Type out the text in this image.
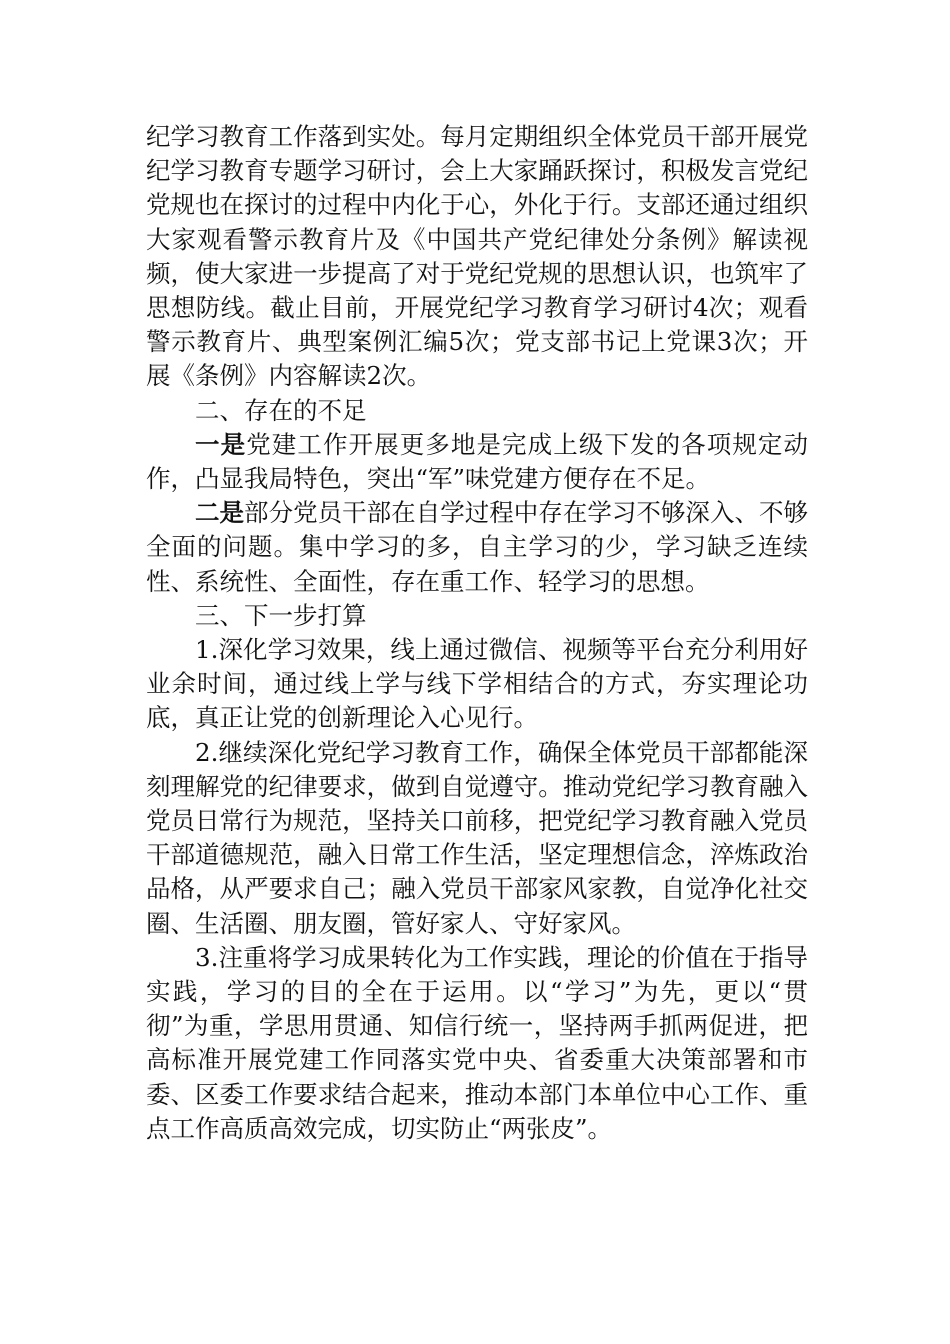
纪学习教育工作落到实处。每月定期组织全体党员干部开展党纪学习教育专题学习研讨，会上大家踊跃探讨，积极发言党纪党规也在探讨的过程中内化于心，外化于行。支部还通过组织大家观看警示教育片及《中国共产党纪律处分条例》解读视频，使大家进一步提高了对于党纪党规的思想认识，也筑牢了思想防线。截止目前，开展党纪学习教育学习研讨4次；观看警示教育片、典型案例汇编5次；党支部书记上党课3次；开展《条例》内容解读2次。

二、存在的不足

一是党建工作开展更多地是完成上级下发的各项规定动作，凸显我局特色，突出“军”味党建方便存在不足。

二是部分党员干部在自学过程中存在学习不够深入、不够全面的问题。集中学习的多，自主学习的少，学习缺乏连续性、系统性、全面性，存在重工作、轻学习的思想。

三、下一步打算

1.深化学习效果，线上通过微信、视频等平台充分利用好业余时间，通过线上学与线下学相结合的方式，夯实理论功底，真正让党的创新理论入心见行。

2.继续深化党纪学习教育工作，确保全体党员干部都能深刻理解党的纪律要求，做到自觉遵守。推动党纪学习教育融入党员日常行为规范，坚持关口前移，把党纪学习教育融入党员干部道德规范，融入日常工作生活，坚定理想信念，淬炼政治品格，从严要求自己；融入党员干部家风家教，自觉净化社交圈、生活圈、朋友圈，管好家人、守好家风。

3.注重将学习成果转化为工作实践，理论的价值在于指导实践，学习的目的全在于运用。以“学习”为先，更以“贯彻”为重，学思用贯通、知信行统一，坚持两手抓两促进，把高标准开展党建工作同落实党中央、省委重大决策部署和市委、区委工作要求结合起来，推动本部门本单位中心工作、重点工作高质高效完成，切实防止“两张皮”。
